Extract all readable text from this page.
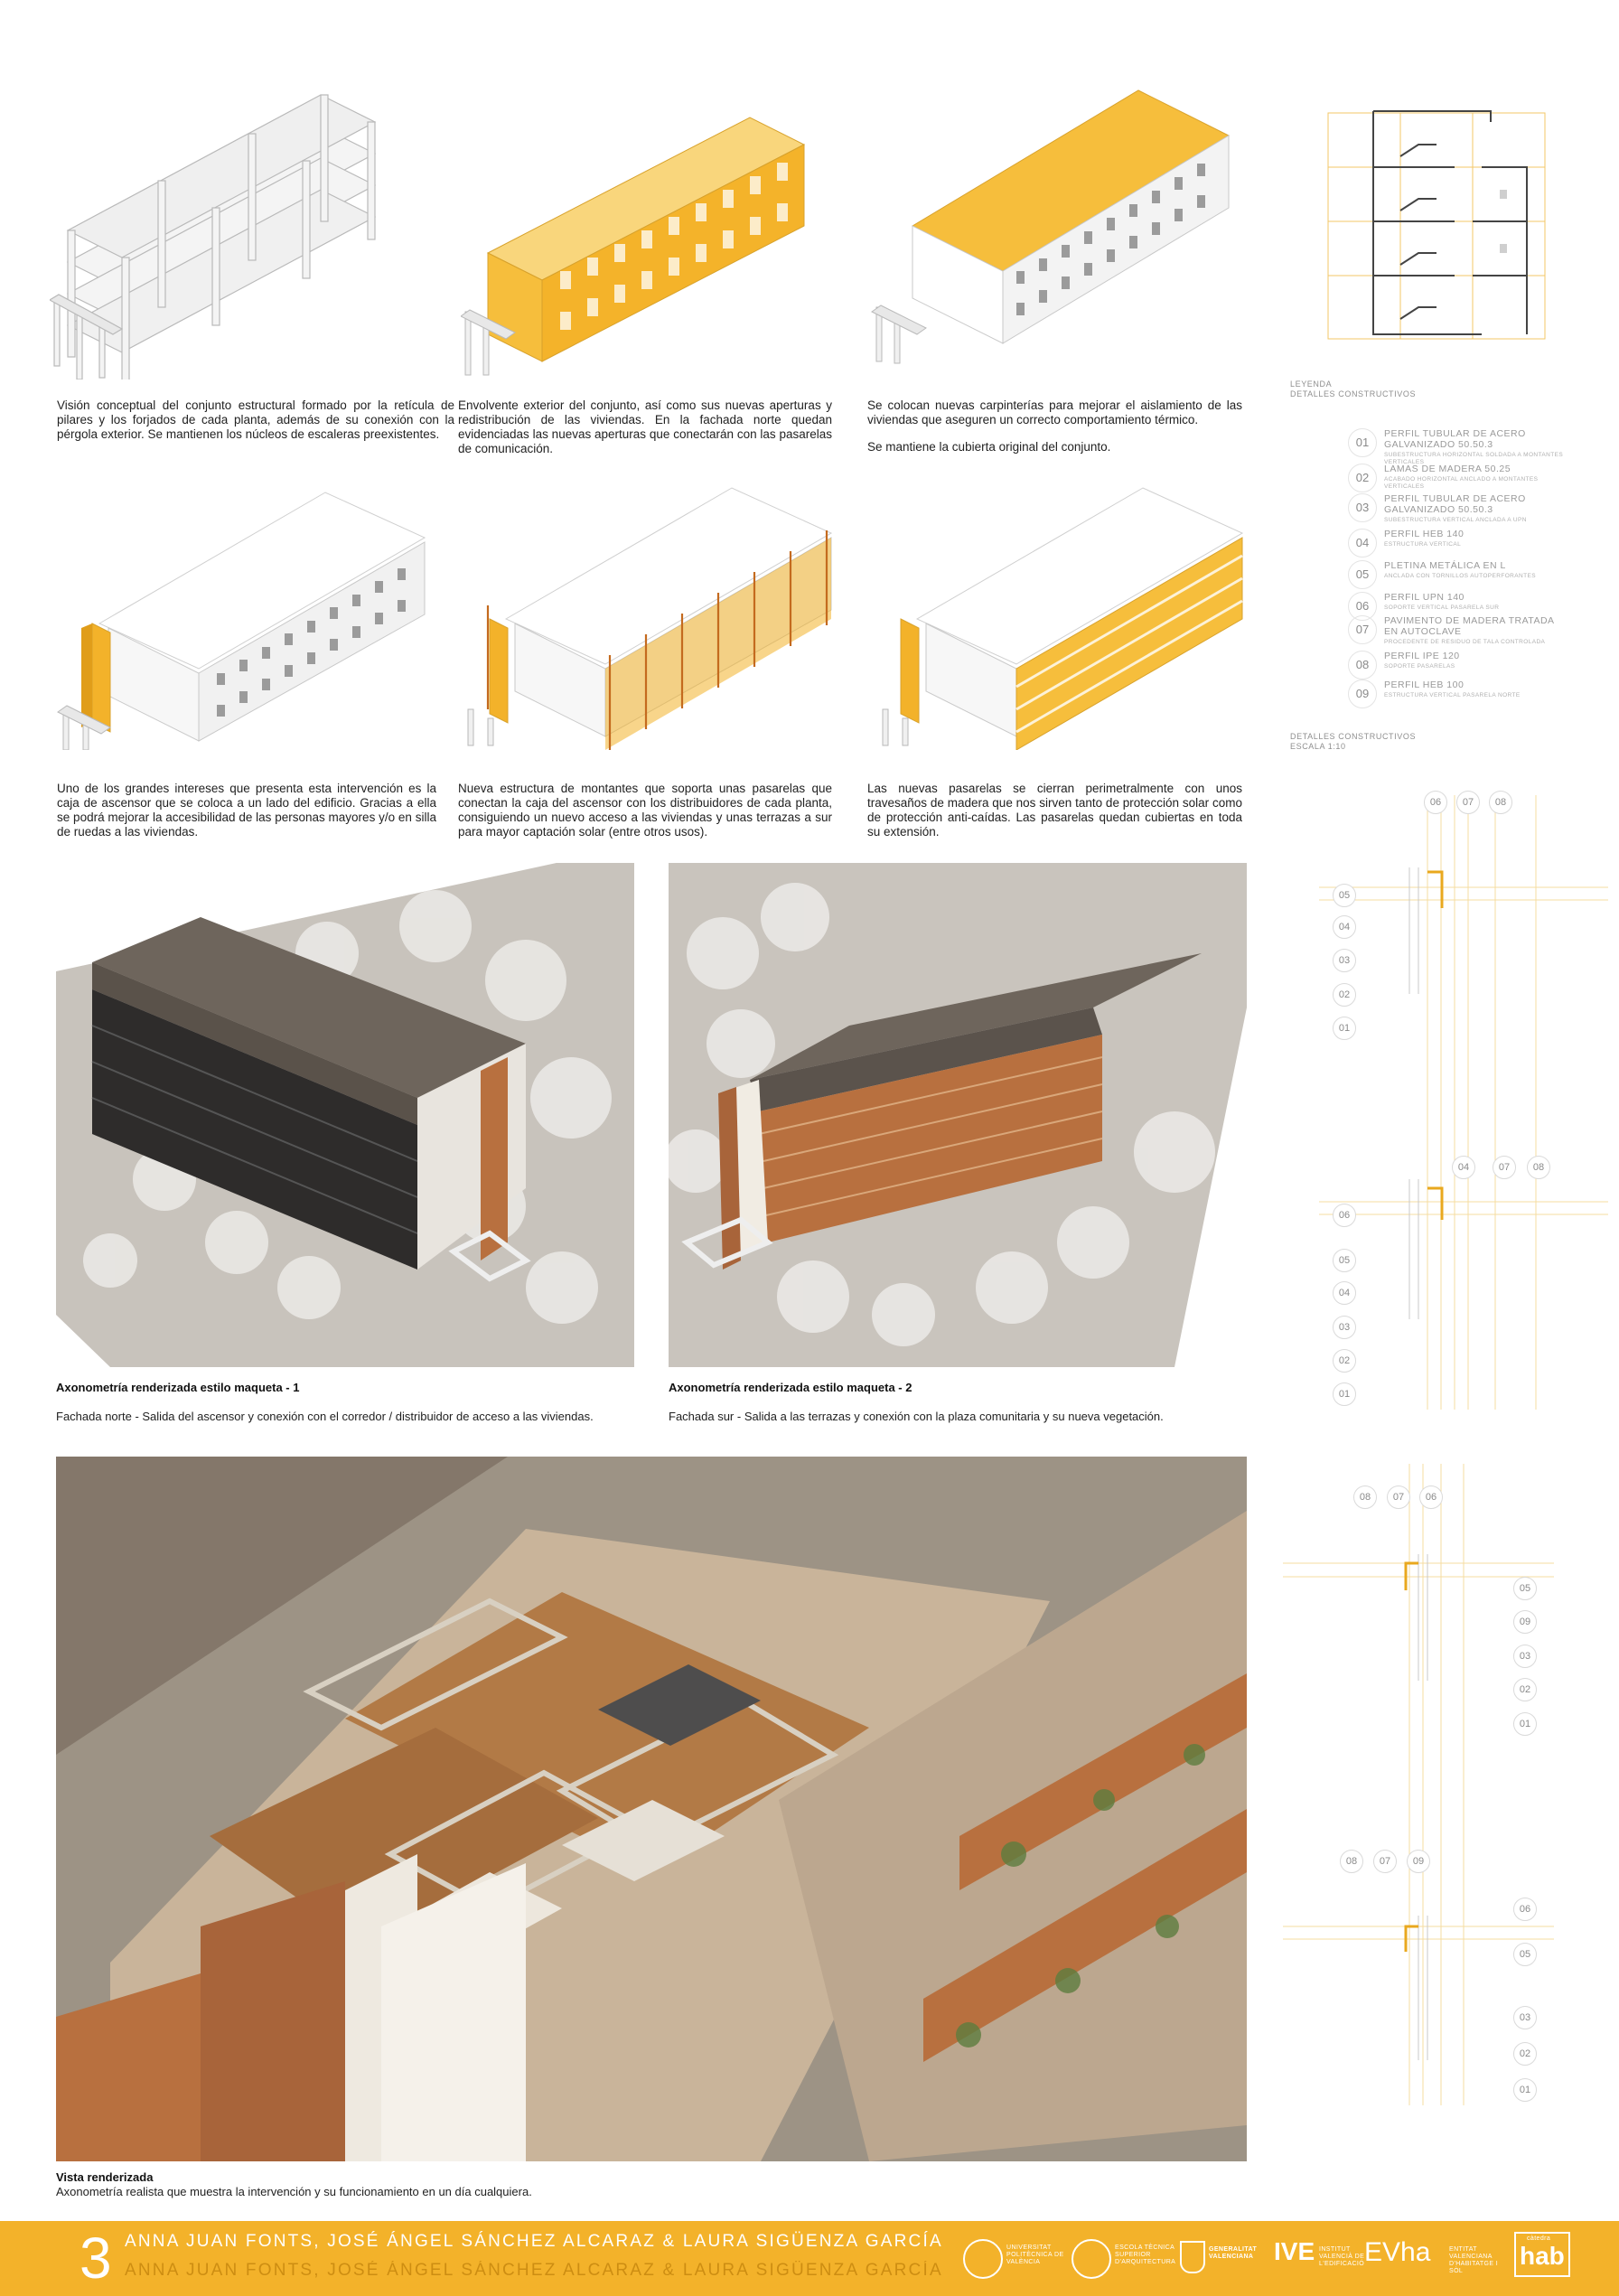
Visión conceptual del conjunto estructural formado por la retícula de pilares y los forjados de cada planta, además de su conexión con la pérgola exterior. Se mantienen los núcleos de escaleras preexistentes.

Envolvente exterior del conjunto, así como sus nuevas aperturas y redistribución de las viviendas. En la fachada norte quedan evidenciadas las nuevas aperturas que conectarán con las pasarelas de comunicación.

Se colocan nuevas carpinterías para mejorar el aislamiento de las viviendas que aseguren un correcto comportamiento térmico.

Se mantiene la cubierta original del conjunto.

Uno de los grandes intereses que presenta esta intervención es la caja de ascensor que se coloca a un lado del edificio. Gracias a ella se podrá mejorar la accesibilidad de las personas mayores y/o en silla de ruedas a las viviendas.

Nueva estructura de montantes que soporta unas pasarelas que conectan la caja del ascensor con los distribuidores de cada planta, consiguiendo un nuevo acceso a las viviendas y unas terrazas a sur para mayor captación solar (entre otros usos).

Las nuevas pasarelas se cierran perimetralmente con unos travesaños de madera que nos sirven tanto de protección solar como de protección anti-caídas. Las pasarelas quedan cubiertas en toda su extensión.

Axonometría renderizada estilo maqueta - 1
Fachada norte - Salida del ascensor y conexión con el corredor / distribuidor de acceso a las viviendas.
Axonometría renderizada estilo maqueta - 2
Fachada sur - Salida a las terrazas y conexión con la plaza comunitaria y su nueva vegetación.
Vista renderizada
Axonometría realista que muestra la intervención y su funcionamiento en un día cualquiera.
LEYENDA
DETALLES CONSTRUCTIVOS
01
PERFIL TUBULAR DE ACERO GALVANIZADO 50.50.3
SUBESTRUCTURA HORIZONTAL SOLDADA A MONTANTES VERTICALES
02
LAMAS DE MADERA 50.25
ACABADO HORIZONTAL ANCLADO A MONTANTES VERTICALES
03
PERFIL TUBULAR DE ACERO GALVANIZADO 50.50.3
SUBESTRUCTURA VERTICAL ANCLADA A UPN
04
PERFIL HEB 140
ESTRUCTURA VERTICAL
05
PLETINA METÁLICA EN L
ANCLADA CON TORNILLOS AUTOPERFORANTES
06
PERFIL UPN 140
SOPORTE VERTICAL PASARELA SUR
07
PAVIMENTO DE MADERA TRATADA EN AUTOCLAVE
PROCEDENTE DE RESIDUO DE TALA CONTROLADA
08
PERFIL IPE 120
SOPORTE PASARELAS
09
PERFIL HEB 100
ESTRUCTURA VERTICAL PASARELA NORTE
DETALLES CONSTRUCTIVOS
ESCALA 1:10
06	07	08
05
04
03
02
01
04	07	08
06
05
04
03
02
01
08	07	06
05
09
03
02
01
08	07	09
06
05
03
02
01
3 ANNA JUAN FONTS, JOSÉ ÁNGEL SÁNCHEZ ALCARAZ & LAURA SIGÜENZA GARCÍA
ANNA JUAN FONTS, JOSÉ ÁNGEL SÁNCHEZ ALCARAZ & LAURA SIGÜENZA GARCÍA
UNIVERSITAT POLITÈCNICA DE VALÈNCIA
ESCOLA TÈCNICA SUPERIOR D'ARQUITECTURA
GENERALITAT VALENCIANA IVE INSTITUT VALENCIÀ DE L'EDIFICACIÓ EVha	ENTITAT VALENCIANA D'HABITATGE I SÒL
càtedra
hab
